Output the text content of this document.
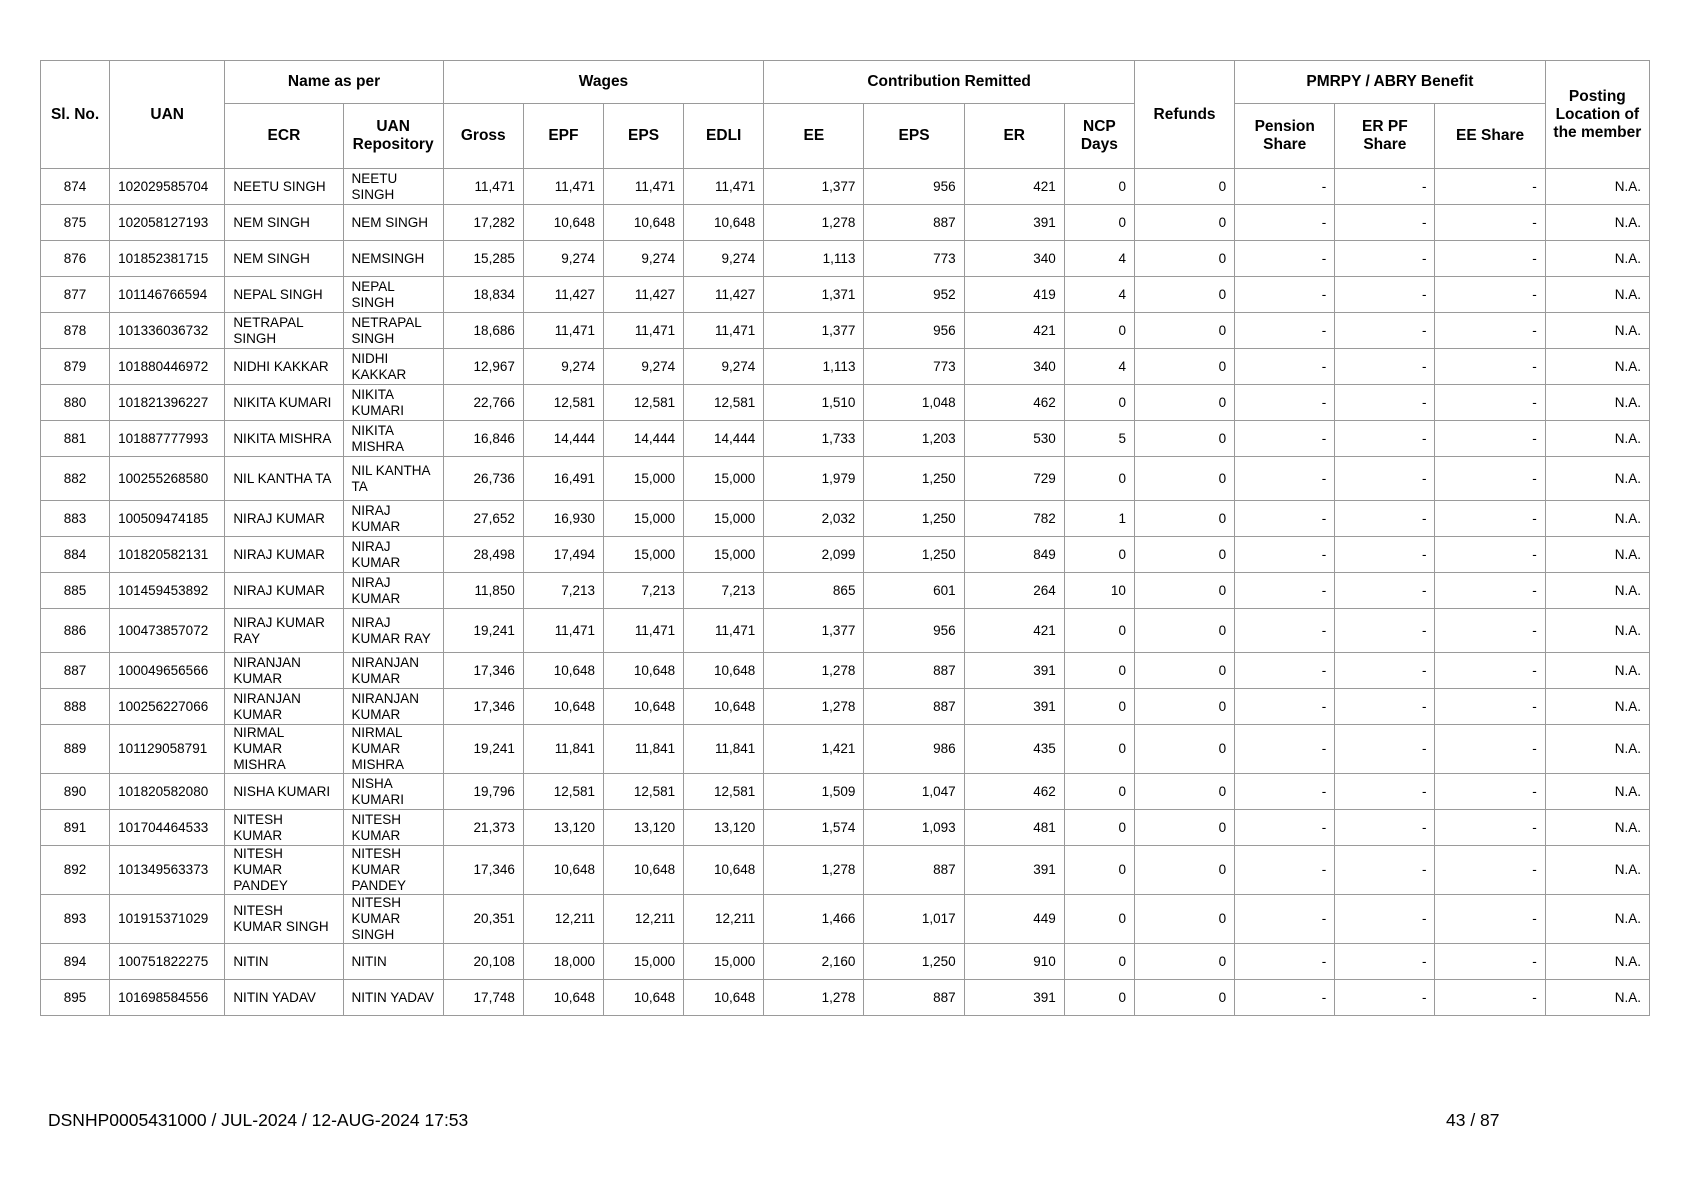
Sl. No.	UAN	Name as per		Wages				Contribution Remitted				Refunds	PMRPY / ABRY Benefit			Posting Location of the member
		ECR	UAN Repository	Gross	EPF	EPS	EDLI	EE	EPS	ER	NCP Days		Pension Share	ER PF Share	EE Share	
874	102029585704	NEETU SINGH	NEETU SINGH	11,471	11,471	11,471	11,471	1,377	956	421	0	0	-	-	-	N.A.
875	102058127193	NEM SINGH	NEM SINGH	17,282	10,648	10,648	10,648	1,278	887	391	0	0	-	-	-	N.A.
876	101852381715	NEM SINGH	NEMSINGH	15,285	9,274	9,274	9,274	1,113	773	340	4	0	-	-	-	N.A.
877	101146766594	NEPAL SINGH	NEPAL SINGH	18,834	11,427	11,427	11,427	1,371	952	419	4	0	-	-	-	N.A.
878	101336036732	NETRAPAL SINGH	NETRAPAL SINGH	18,686	11,471	11,471	11,471	1,377	956	421	0	0	-	-	-	N.A.
879	101880446972	NIDHI KAKKAR	NIDHI KAKKAR	12,967	9,274	9,274	9,274	1,113	773	340	4	0	-	-	-	N.A.
880	101821396227	NIKITA KUMARI	NIKITA KUMARI	22,766	12,581	12,581	12,581	1,510	1,048	462	0	0	-	-	-	N.A.
881	101887777993	NIKITA MISHRA	NIKITA MISHRA	16,846	14,444	14,444	14,444	1,733	1,203	530	5	0	-	-	-	N.A.
882	100255268580	NIL KANTHA TA	NIL KANTHA TA	26,736	16,491	15,000	15,000	1,979	1,250	729	0	0	-	-	-	N.A.
883	100509474185	NIRAJ KUMAR	NIRAJ KUMAR	27,652	16,930	15,000	15,000	2,032	1,250	782	1	0	-	-	-	N.A.
884	101820582131	NIRAJ KUMAR	NIRAJ KUMAR	28,498	17,494	15,000	15,000	2,099	1,250	849	0	0	-	-	-	N.A.
885	101459453892	NIRAJ KUMAR	NIRAJ KUMAR	11,850	7,213	7,213	7,213	865	601	264	10	0	-	-	-	N.A.
886	100473857072	NIRAJ KUMAR RAY	NIRAJ KUMAR RAY	19,241	11,471	11,471	11,471	1,377	956	421	0	0	-	-	-	N.A.
887	100049656566	NIRANJAN KUMAR	NIRANJAN KUMAR	17,346	10,648	10,648	10,648	1,278	887	391	0	0	-	-	-	N.A.
888	100256227066	NIRANJAN KUMAR	NIRANJAN KUMAR	17,346	10,648	10,648	10,648	1,278	887	391	0	0	-	-	-	N.A.
889	101129058791	NIRMAL KUMAR MISHRA	NIRMAL KUMAR MISHRA	19,241	11,841	11,841	11,841	1,421	986	435	0	0	-	-	-	N.A.
890	101820582080	NISHA KUMARI	NISHA KUMARI	19,796	12,581	12,581	12,581	1,509	1,047	462	0	0	-	-	-	N.A.
891	101704464533	NITESH KUMAR	NITESH KUMAR	21,373	13,120	13,120	13,120	1,574	1,093	481	0	0	-	-	-	N.A.
892	101349563373	NITESH KUMAR PANDEY	NITESH KUMAR PANDEY	17,346	10,648	10,648	10,648	1,278	887	391	0	0	-	-	-	N.A.
893	101915371029	NITESH KUMAR SINGH	NITESH KUMAR SINGH	20,351	12,211	12,211	12,211	1,466	1,017	449	0	0	-	-	-	N.A.
894	100751822275	NITIN	NITIN	20,108	18,000	15,000	15,000	2,160	1,250	910	0	0	-	-	-	N.A.
895	101698584556	NITIN YADAV	NITIN YADAV	17,748	10,648	10,648	10,648	1,278	887	391	0	0	-	-	-	N.A.
DSNHP0005431000 / JUL-2024 / 12-AUG-2024 17:53	43 / 87
